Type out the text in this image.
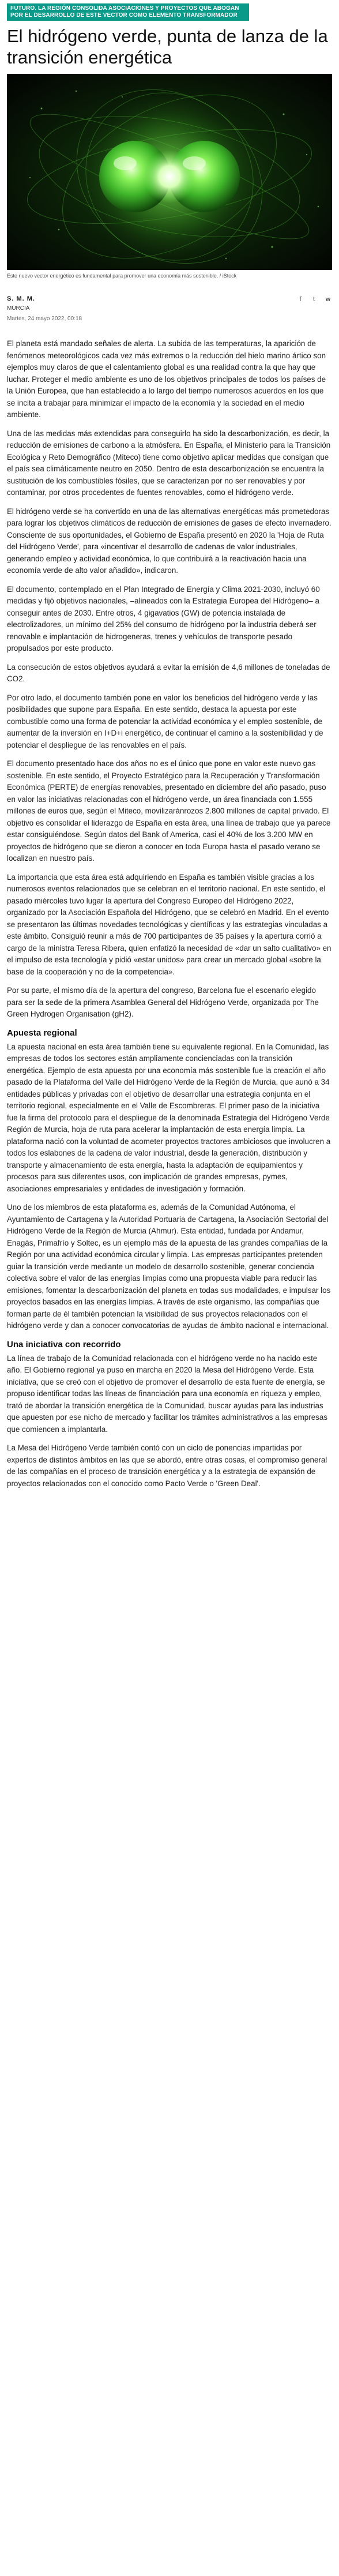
FUTURO. LA REGIÓN CONSOLIDA ASOCIACIONES Y PROYECTOS QUE ABOGAN POR EL DESARROLLO DE ESTE VECTOR COMO ELEMENTO TRANSFORMADOR
El hidrógeno verde, punta de lanza de la transición energética
Este nuevo vector energético es fundamental para promover una economía más sostenible. / iStock
S. M. M.
MURCIA
Martes, 24 mayo 2022, 00:18
f	t	w

El planeta está mandado señales de alerta. La subida de las temperaturas, la aparición de fenómenos meteorológicos cada vez más extremos o la reducción del hielo marino ártico son ejemplos muy claros de que el calentamiento global es una realidad contra la que hay que luchar. Proteger el medio ambiente es uno de los objetivos principales de todos los países de la Unión Europea, que han establecido a lo largo del tiempo numerosos acuerdos en los que se incita a trabajar para minimizar el impacto de la economía y la sociedad en el medio ambiente.

Una de las medidas más extendidas para conseguirlo ha sido la descarbonización, es decir, la reducción de emisiones de carbono a la atmósfera. En España, el Ministerio para la Transición Ecológica y Reto Demográfico (Miteco) tiene como objetivo aplicar medidas que consigan que el país sea climáticamente neutro en 2050. Dentro de esta descarbonización se encuentra la sustitución de los combustibles fósiles, que se caracterizan por no ser renovables y por contaminar, por otros procedentes de fuentes renovables, como el hidrógeno verde.

El hidrógeno verde se ha convertido en una de las alternativas energéticas más prometedoras para lograr los objetivos climáticos de reducción de emisiones de gases de efecto invernadero. Consciente de sus oportunidades, el Gobierno de España presentó en 2020 la 'Hoja de Ruta del Hidrógeno Verde', para «incentivar el desarrollo de cadenas de valor industriales, generando empleo y actividad económica, lo que contribuirá a la reactivación hacia una economía verde de alto valor añadido», indicaron.

El documento, contemplado en el Plan Integrado de Energía y Clima 2021-2030, incluyó 60 medidas y fijó objetivos nacionales, –alineados con la Estrategia Europea del Hidrógeno– a conseguir antes de 2030. Entre otros, 4 gigavatios (GW) de potencia instalada de electrolizadores, un mínimo del 25% del consumo de hidrógeno por la industria deberá ser renovable e implantación de hidrogeneras, trenes y vehículos de transporte pesado propulsados por este producto.

La consecución de estos objetivos ayudará a evitar la emisión de 4,6 millones de toneladas de CO2.

Por otro lado, el documento también pone en valor los beneficios del hidrógeno verde y las posibilidades que supone para España. En este sentido, destaca la apuesta por este combustible como una forma de potenciar la actividad económica y el empleo sostenible, de aumentar de la inversión en I+D+i energético, de continuar el camino a la sostenibilidad y de potenciar el despliegue de las renovables en el país.

El documento presentado hace dos años no es el único que pone en valor este nuevo gas sostenible. En este sentido, el Proyecto Estratégico para la Recuperación y Transformación Económica (PERTE) de energías renovables, presentado en diciembre del año pasado, puso en valor las iniciativas relacionadas con el hidrógeno verde, un área financiada con 1.555 millones de euros que, según el Miteco, movilizaránrozos 2.800 millones de capital privado. El objetivo es consolidar el liderazgo de España en esta área, una línea de trabajo que ya parece estar consiguiéndose. Según datos del Bank of America, casi el 40% de los 3.200 MW en proyectos de hidrógeno que se dieron a conocer en toda Europa hasta el pasado verano se localizan en nuestro país.

La importancia que esta área está adquiriendo en España es también visible gracias a los numerosos eventos relacionados que se celebran en el territorio nacional. En este sentido, el pasado miércoles tuvo lugar la apertura del Congreso Europeo del Hidrógeno 2022, organizado por la Asociación Española del Hidrógeno, que se celebró en Madrid. En el evento se presentaron las últimas novedades tecnológicas y científicas y las estrategias vinculadas a este ámbito. Consiguió reunir a más de 700 participantes de 35 países y la apertura corrió a cargo de la ministra Teresa Ribera, quien enfatizó la necesidad de «dar un salto cualitativo» en el impulso de esta tecnología y pidió «estar unidos» para crear un mercado global «sobre la base de la cooperación y no de la competencia».

Por su parte, el mismo día de la apertura del congreso, Barcelona fue el escenario elegido para ser la sede de la primera Asamblea General del Hidrógeno Verde, organizada por The Green Hydrogen Organisation (gH2).

Apuesta regional

La apuesta nacional en esta área también tiene su equivalente regional. En la Comunidad, las empresas de todos los sectores están ampliamente concienciadas con la transición energética. Ejemplo de esta apuesta por una economía más sostenible fue la creación el año pasado de la Plataforma del Valle del Hidrógeno Verde de la Región de Murcia, que aunó a 34 entidades públicas y privadas con el objetivo de desarrollar una estrategia conjunta en el territorio regional, especialmente en el Valle de Escombreras. El primer paso de la iniciativa fue la firma del protocolo para el despliegue de la denominada Estrategia del Hidrógeno Verde Región de Murcia, hoja de ruta para acelerar la implantación de esta energía limpia. La plataforma nació con la voluntad de acometer proyectos tractores ambiciosos que involucren a todos los eslabones de la cadena de valor industrial, desde la generación, distribución y transporte y almacenamiento de esta energía, hasta la adaptación de equipamientos y procesos para sus diferentes usos, con implicación de grandes empresas, pymes, asociaciones empresariales y entidades de investigación y formación.

Uno de los miembros de esta plataforma es, además de la Comunidad Autónoma, el Ayuntamiento de Cartagena y la Autoridad Portuaria de Cartagena, la Asociación Sectorial del Hidrógeno Verde de la Región de Murcia (Ahmur). Esta entidad, fundada por Andamur, Enagás, Primafrío y Soltec, es un ejemplo más de la apuesta de las grandes compañías de la Región por una actividad económica circular y limpia. Las empresas participantes pretenden guiar la transición verde mediante un modelo de desarrollo sostenible, generar conciencia colectiva sobre el valor de las energías limpias como una propuesta viable para reducir las emisiones, fomentar la descarbonización del planeta en todas sus modalidades, e impulsar los proyectos basados en las energías limpias. A través de este organismo, las compañías que forman parte de él también potencian la visibilidad de sus proyectos relacionados con el hidrógeno verde y dan a conocer convocatorias de ayudas de ámbito nacional e internacional.

Una iniciativa con recorrido

La línea de trabajo de la Comunidad relacionada con el hidrógeno verde no ha nacido este año. El Gobierno regional ya puso en marcha en 2020 la Mesa del Hidrógeno Verde. Esta iniciativa, que se creó con el objetivo de promover el desarrollo de esta fuente de energía, se propuso identificar todas las líneas de financiación para una economía en riqueza y empleo, trató de abordar la transición energética de la Comunidad, buscar ayudas para las industrias que apuesten por ese nicho de mercado y facilitar los trámites administrativos a las empresas que comiencen a implantarla.

La Mesa del Hidrógeno Verde también contó con un ciclo de ponencias impartidas por expertos de distintos ámbitos en las que se abordó, entre otras cosas, el compromiso general de las compañías en el proceso de transición energética y a la estrategia de expansión de proyectos relacionados con el conocido como Pacto Verde o 'Green Deal'.
